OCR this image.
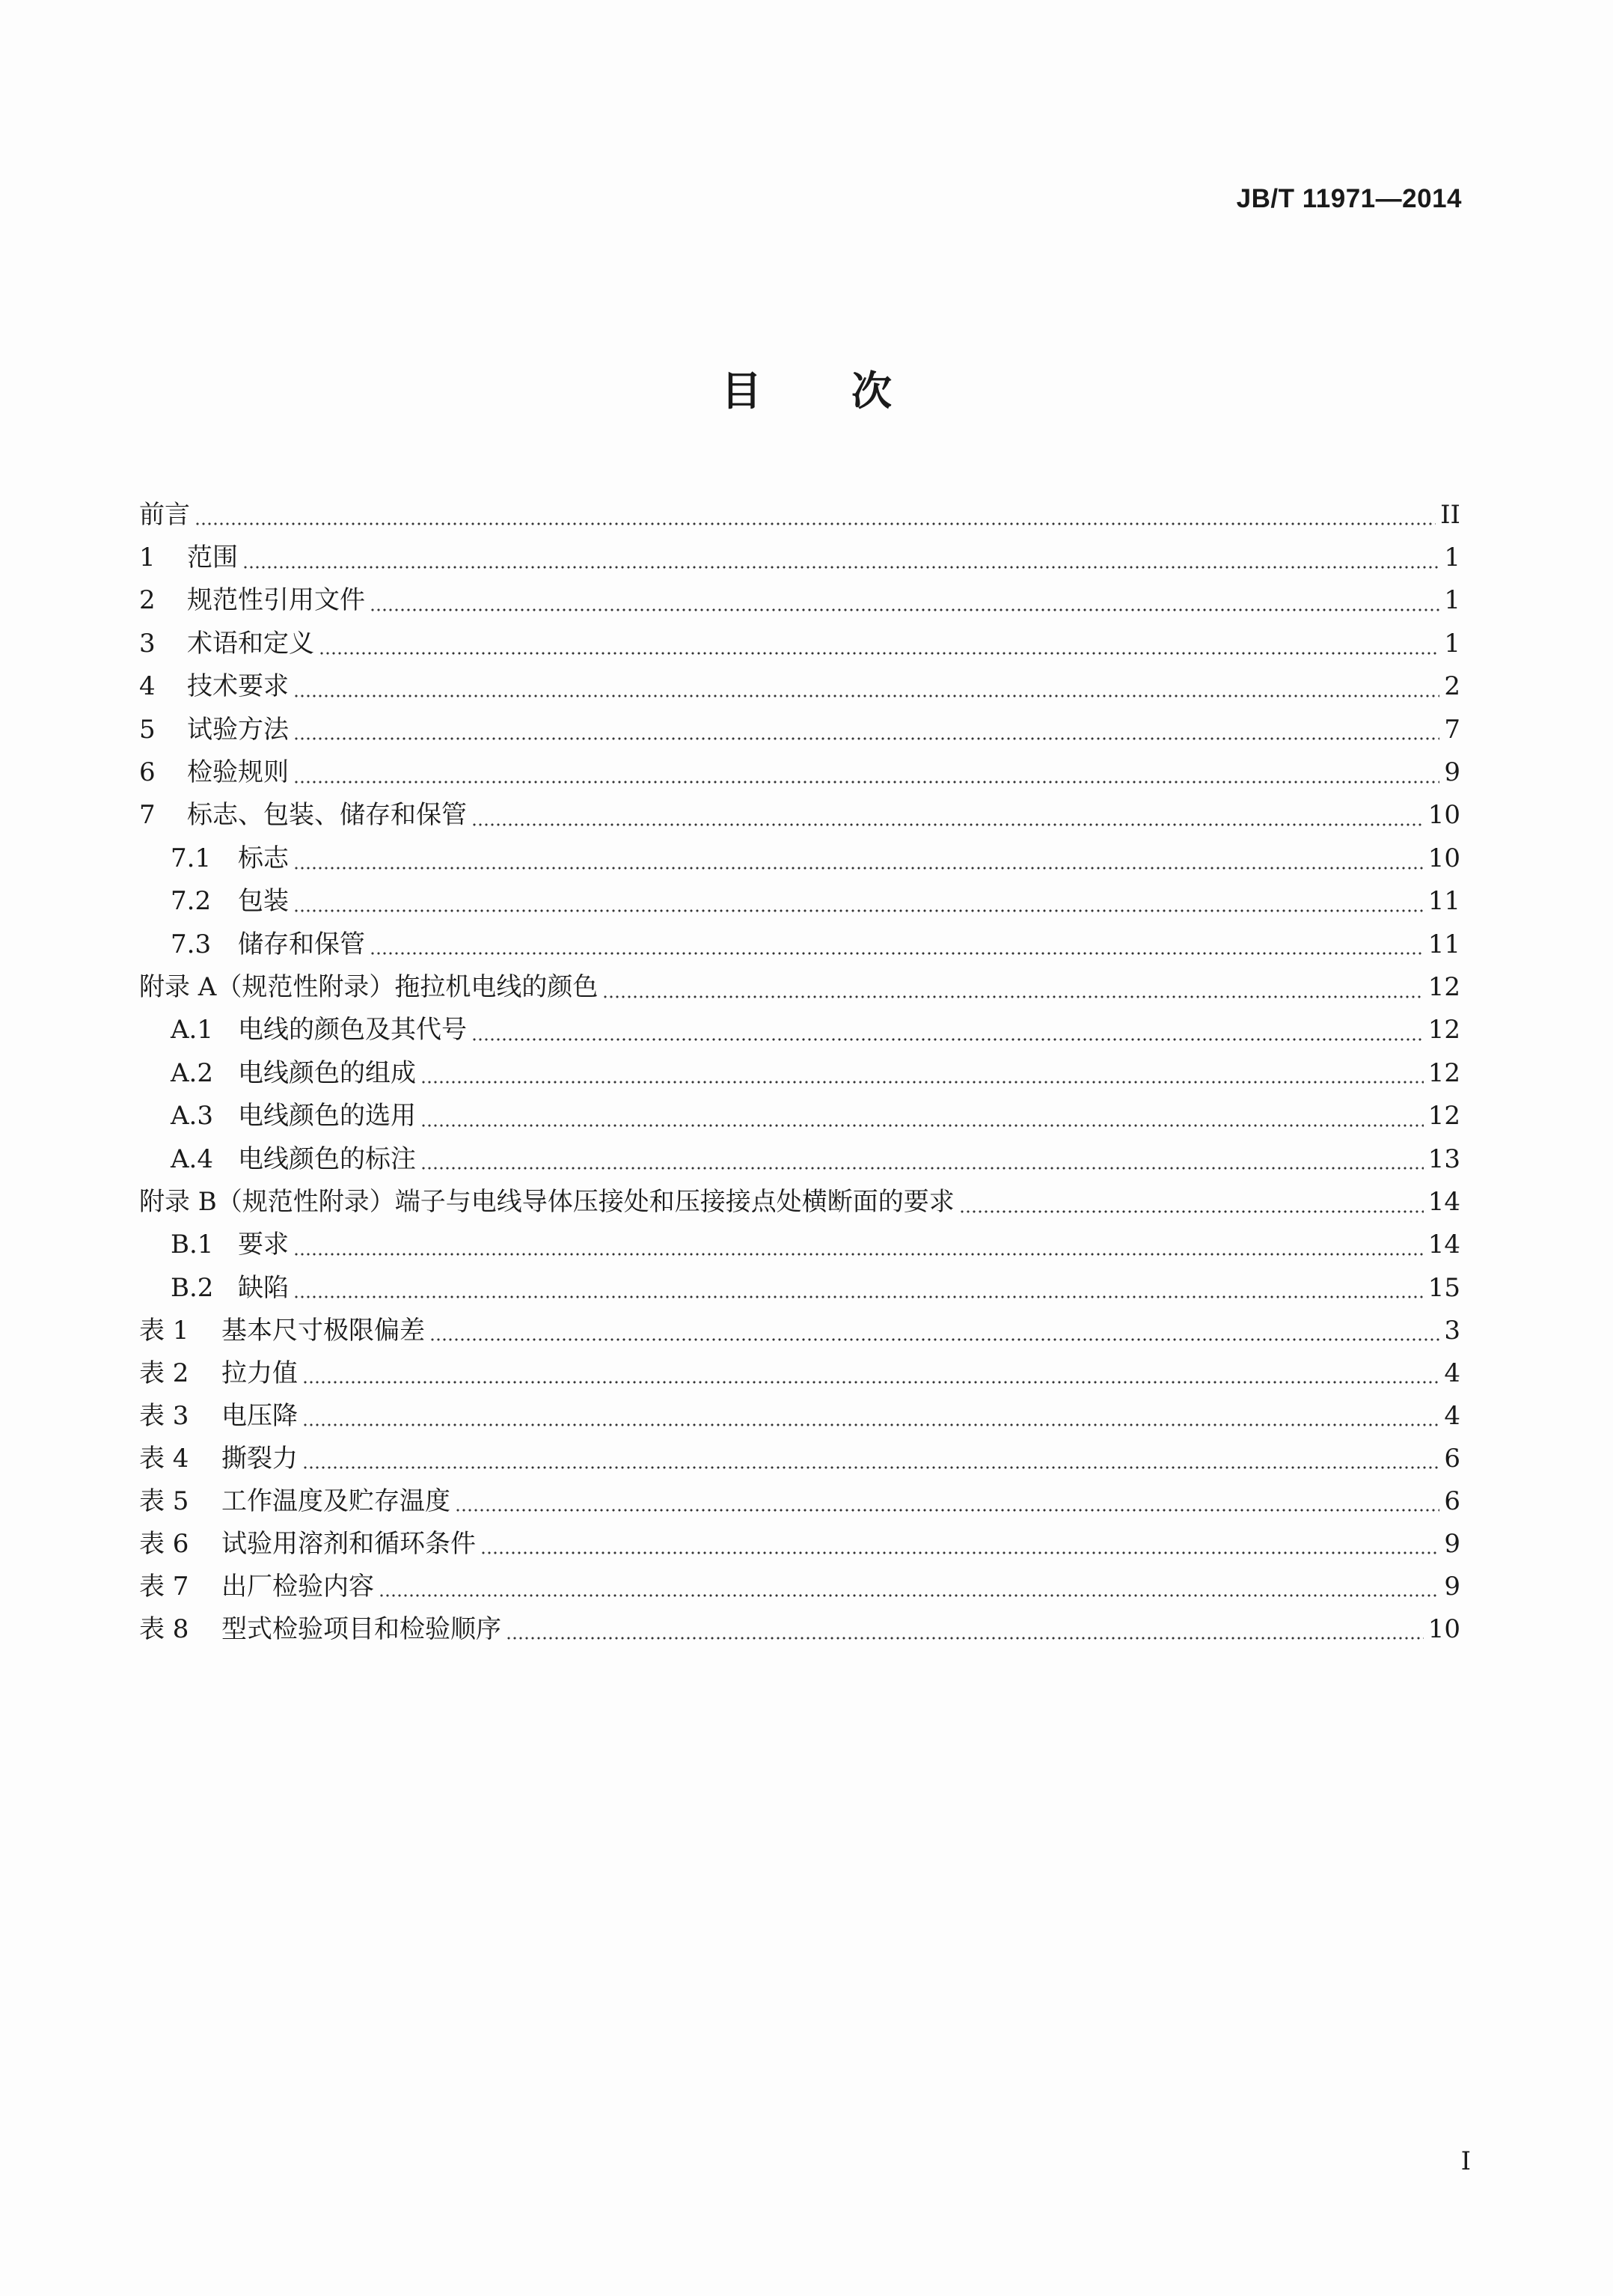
JB/T 11971—2014
目次
前言	II
1	范围	1
2	规范性引用文件	1
3	术语和定义	1
4	技术要求	2
5	试验方法	7
6	检验规则	9
7	标志、包装、储存和保管	10
7.1	标志	10
7.2	包装	11
7.3	储存和保管	11
附录 A（规范性附录）拖拉机电线的颜色	12
A.1 电线的颜色及其代号	12
A.2 电线颜色的组成	12
A.3 电线颜色的选用	12
A.4 电线颜色的标注	13
附录 B（规范性附录）端子与电线导体压接处和压接接点处横断面的要求	14
B.1 要求	14
B.2 缺陷	15
表 1	基本尺寸极限偏差	3
表 2	拉力值	4
表 3	电压降	4
表 4	撕裂力	6
表 5	工作温度及贮存温度	6
表 6	试验用溶剂和循环条件	9
表 7	出厂检验内容	9
表 8	型式检验项目和检验顺序	10
I
